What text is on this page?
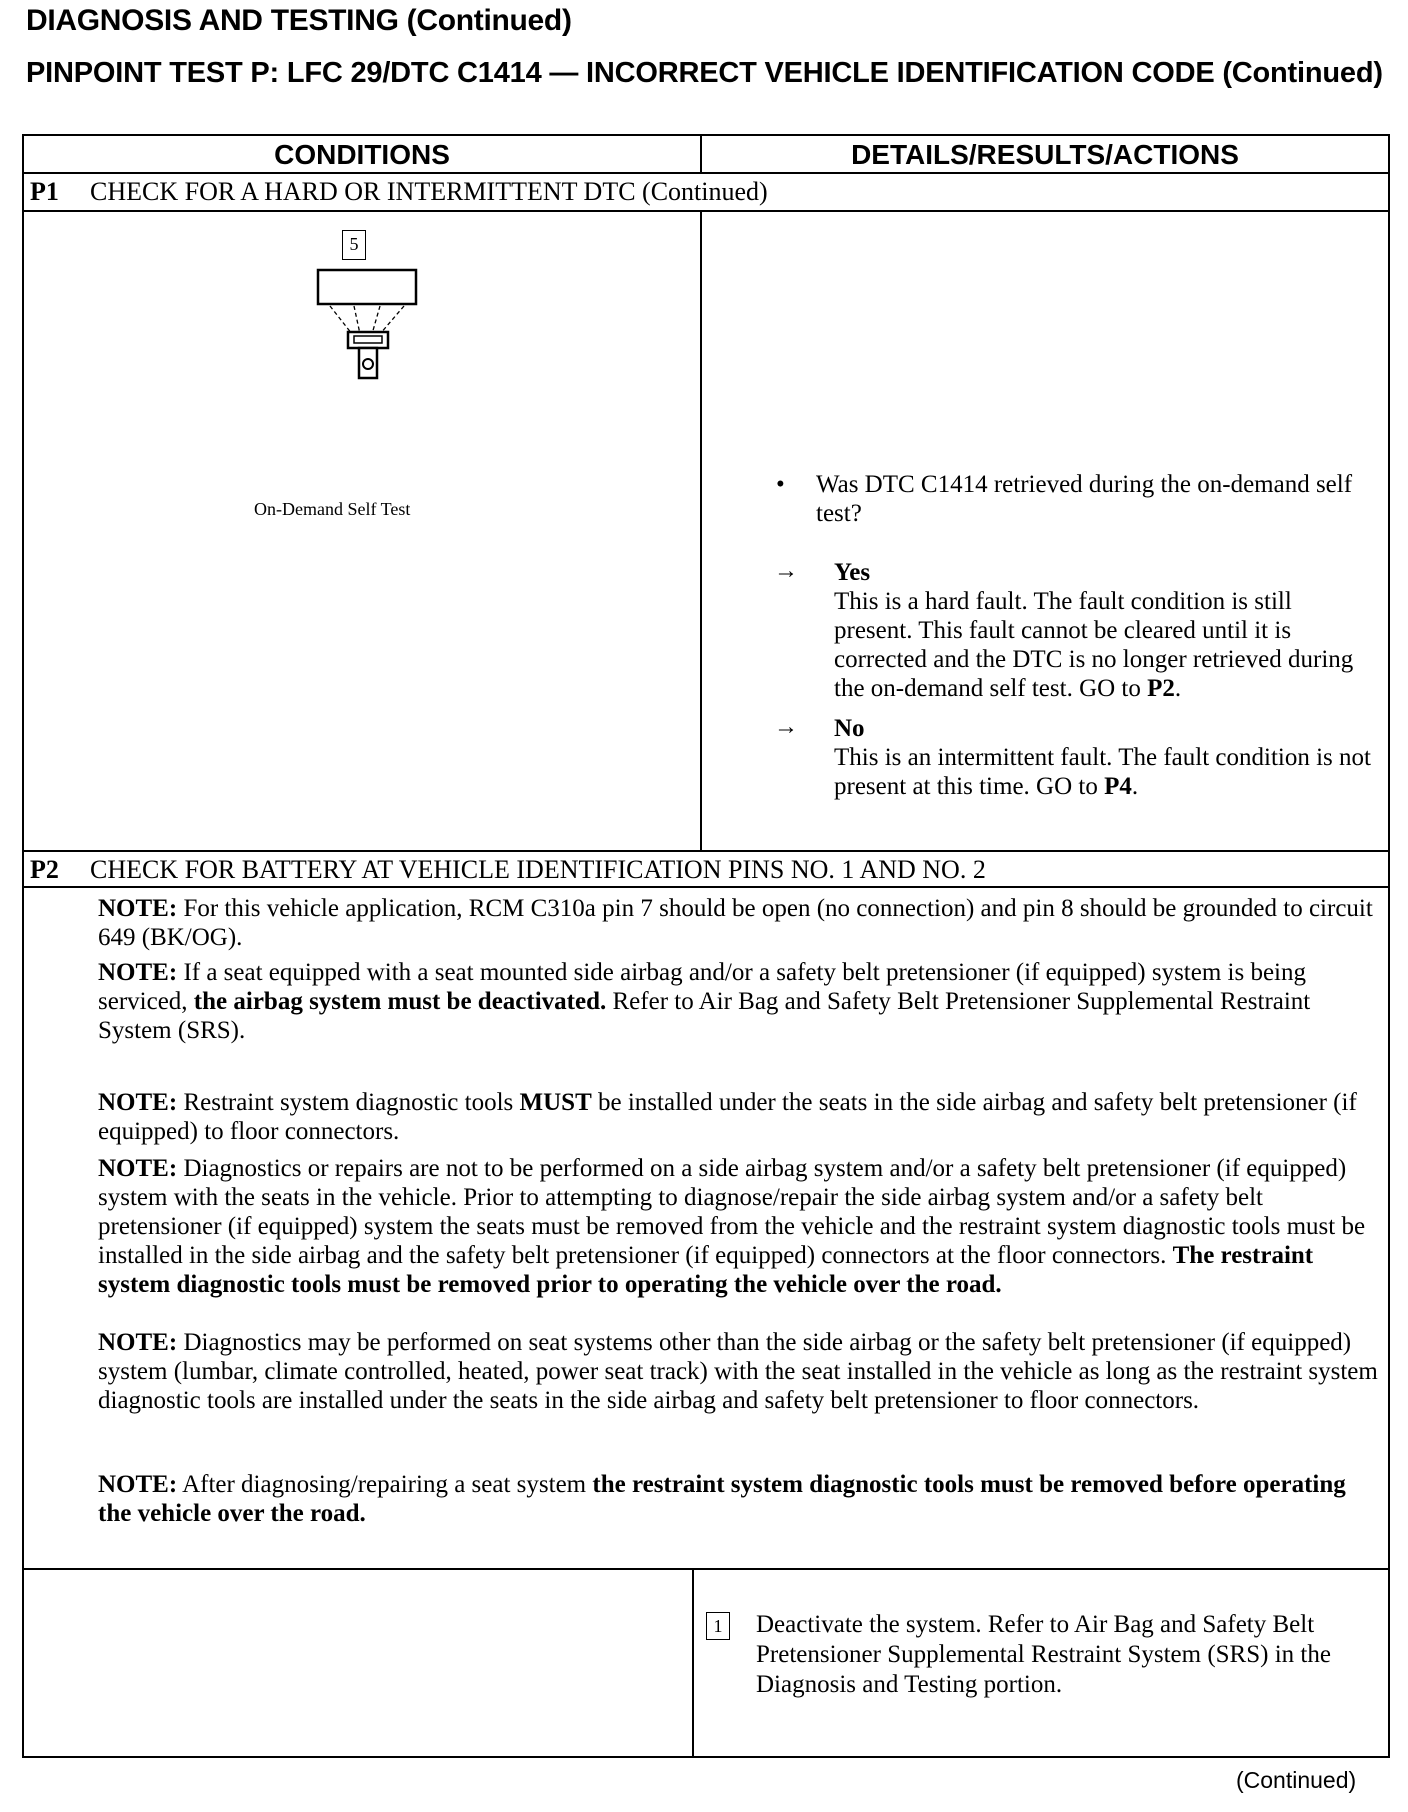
DIAGNOSIS AND TESTING (Continued)
PINPOINT TEST P: LFC 29/DTC C1414 — INCORRECT VEHICLE IDENTIFICATION CODE (Continued)
CONDITIONS	DETAILS/RESULTS/ACTIONS
P1 CHECK FOR A HARD OR INTERMITTENT DTC (Continued)
5
On-Demand Self Test
• Was DTC C1414 retrieved during the on-demand self test?
→ Yes
This is a hard fault. The fault condition is still present. This fault cannot be cleared until it is corrected and the DTC is no longer retrieved during the on-demand self test. GO to P2.
→ No
This is an intermittent fault. The fault condition is not present at this time. GO to P4.
P2 CHECK FOR BATTERY AT VEHICLE IDENTIFICATION PINS NO. 1 AND NO. 2
NOTE: For this vehicle application, RCM C310a pin 7 should be open (no connection) and pin 8 should be grounded to circuit 649 (BK/OG).
NOTE: If a seat equipped with a seat mounted side airbag and/or a safety belt pretensioner (if equipped) system is being serviced, the airbag system must be deactivated. Refer to Air Bag and Safety Belt Pretensioner Supplemental Restraint System (SRS).
NOTE: Restraint system diagnostic tools MUST be installed under the seats in the side airbag and safety belt pretensioner (if equipped) to floor connectors.
NOTE: Diagnostics or repairs are not to be performed on a side airbag system and/or a safety belt pretensioner (if equipped) system with the seats in the vehicle. Prior to attempting to diagnose/repair the side airbag system and/or a safety belt pretensioner (if equipped) system the seats must be removed from the vehicle and the restraint system diagnostic tools must be installed in the side airbag and the safety belt pretensioner (if equipped) connectors at the floor connectors. The restraint system diagnostic tools must be removed prior to operating the vehicle over the road.
NOTE: Diagnostics may be performed on seat systems other than the side airbag or the safety belt pretensioner (if equipped) system (lumbar, climate controlled, heated, power seat track) with the seat installed in the vehicle as long as the restraint system diagnostic tools are installed under the seats in the side airbag and safety belt pretensioner to floor connectors.
NOTE: After diagnosing/repairing a seat system the restraint system diagnostic tools must be removed before operating the vehicle over the road.
1	Deactivate the system. Refer to Air Bag and Safety Belt Pretensioner Supplemental Restraint System (SRS) in the Diagnosis and Testing portion.
(Continued)
